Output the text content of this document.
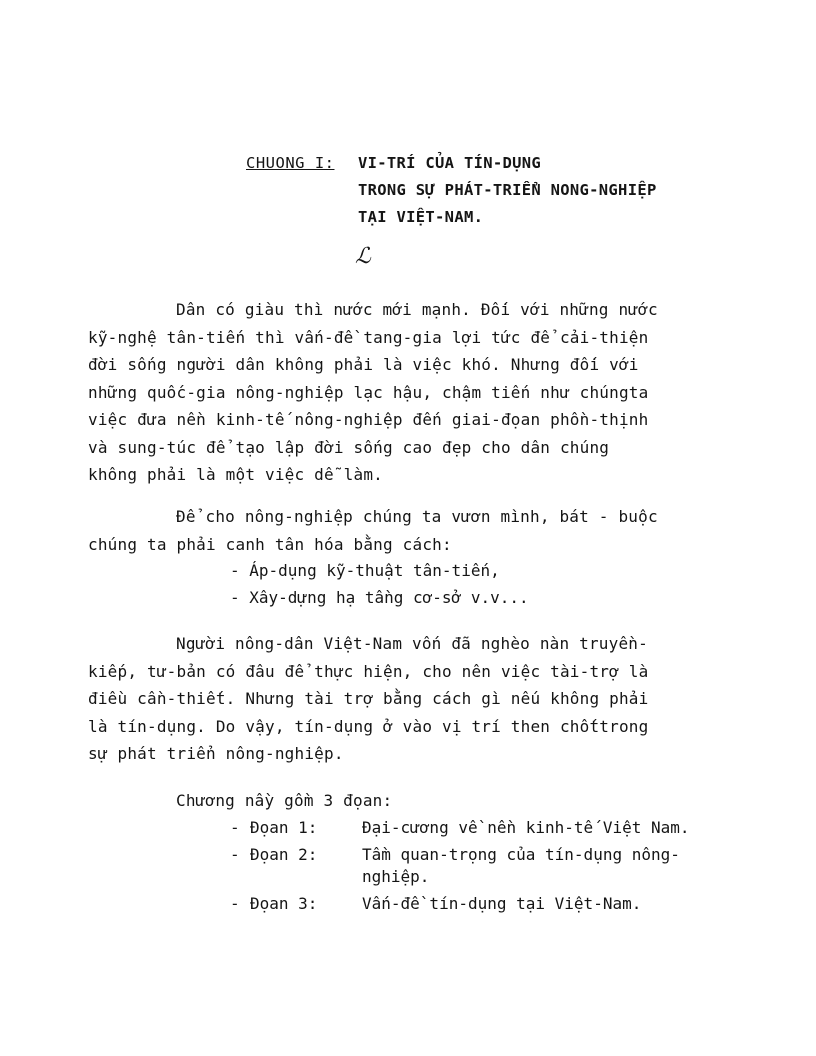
CHUONG I: VI-TRÍ CỦA TÍN-DỤNG
TRONG SỰ PHÁT-TRIỂN NONG-NGHIỆP
TẠI VIỆT-NAM.
ℒ
Dân có giàu thì nước mới mạnh. Đối với những nước
kỹ-nghệ tân-tiến thì vấn-đề tang-gia lợi tức để cải-thiện
đời sống người dân không phải là việc khó. Nhưng đối với
những quốc-gia nông-nghiệp lạc hậu, chậm tiến như chúngta
việc đưa nền kinh-tế nông-nghiệp đến giai-đọan phồn-thịnh
và sung-túc để tạo lập đời sống cao đẹp cho dân chúng
không phải là một việc dễ làm.
Để cho nông-nghiệp chúng ta vươn mình, bát - buộc
chúng ta phải canh tân hóa bằng cách:
- Áp-dụng kỹ-thuật tân-tiến,
- Xây-dựng hạ tầng cơ-sở v.v...
Người nông-dân Việt-Nam vốn đã nghèo nàn truyền-
kiếp, tư-bản có đâu để thực hiện, cho nên việc tài-trợ là
điều cần-thiết. Nhưng tài trợ bằng cách gì nếu không phải
là tín-dụng. Do vậy, tín-dụng ở vào vị trí then chốttrong
sự phát triển nông-nghiệp.
Chương nầy gồm 3 đọan:
- Đọan 1:	Đại-cương về nền kinh-tế Việt Nam.
- Đọan 2:	Tầm quan-trọng của tín-dụng nông-nghiệp.
- Đọan 3:	Vấn-đề tín-dụng tại Việt-Nam.
